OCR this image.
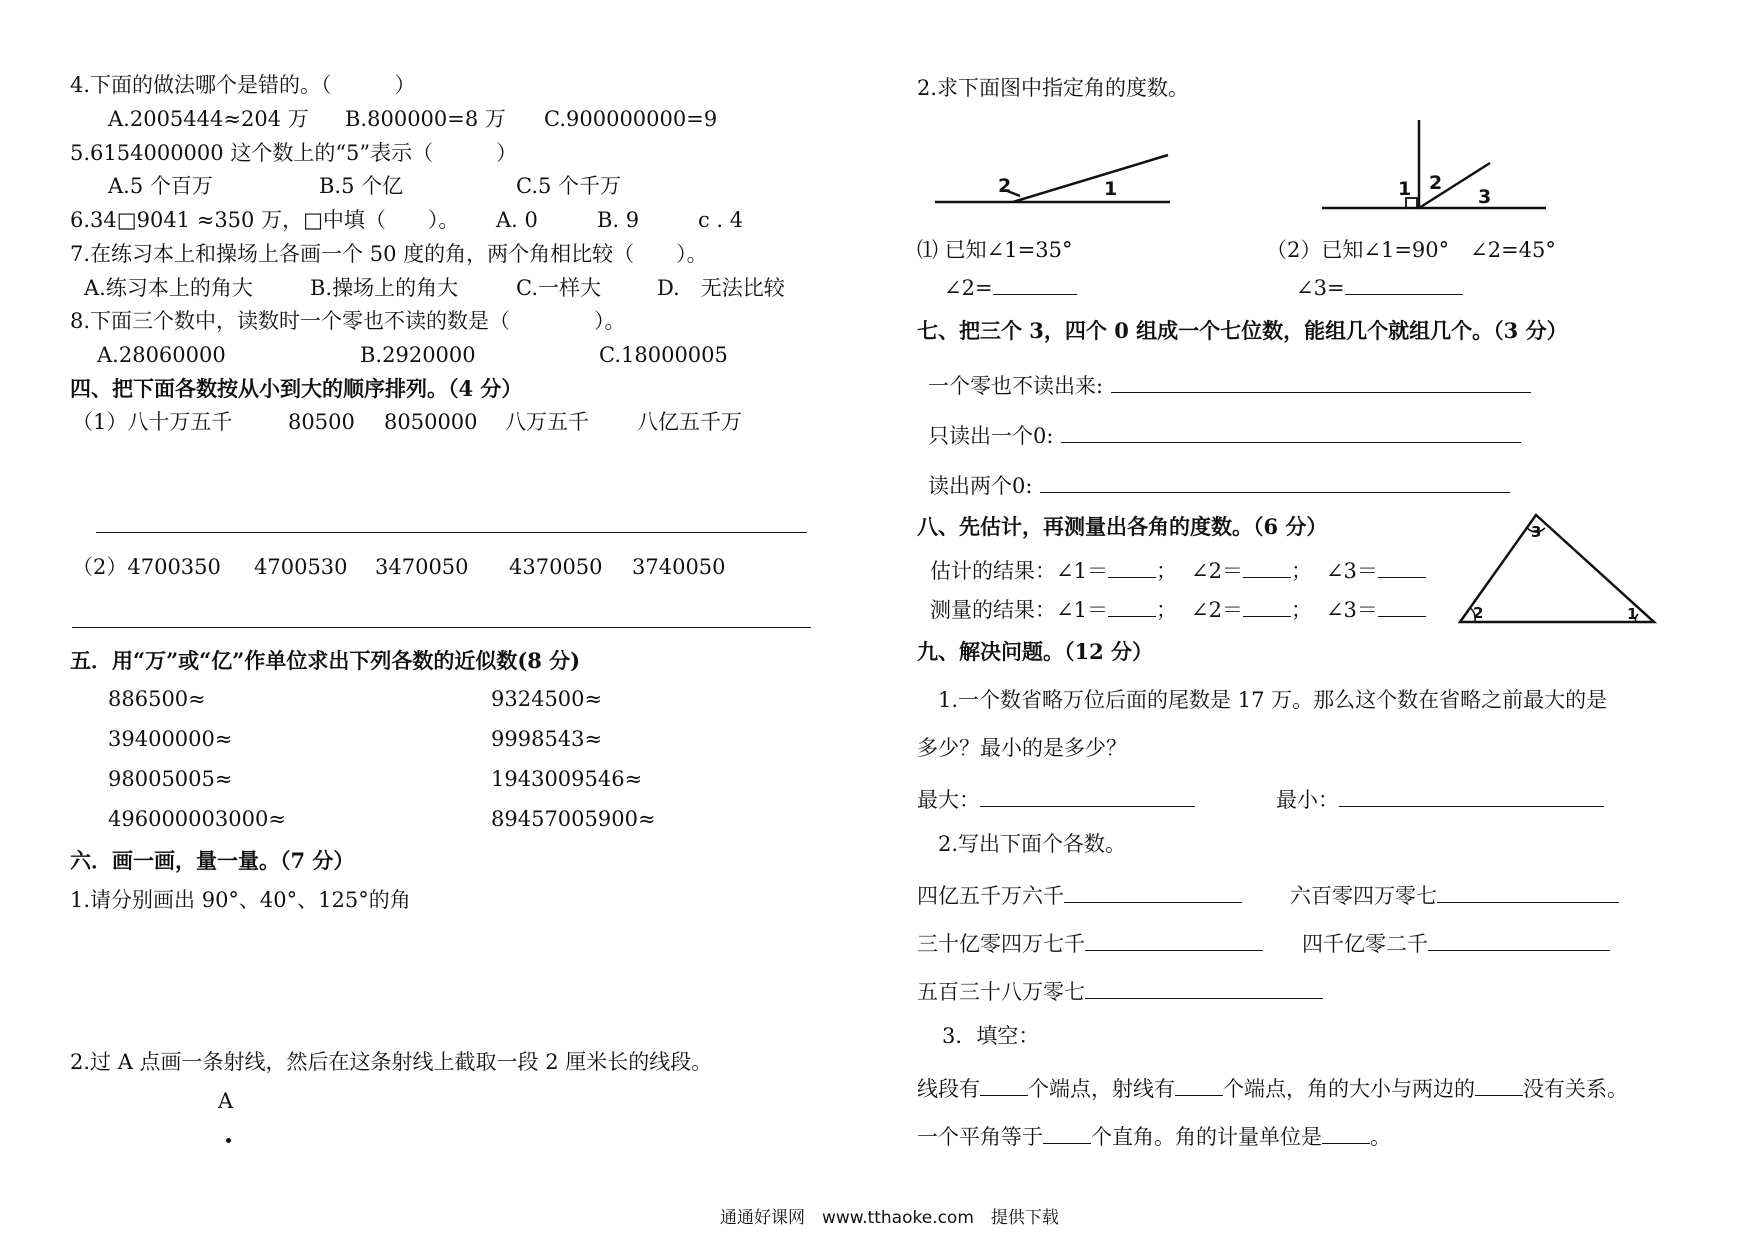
4.下面的做法哪个是错的。（　　　）
A.2005444≈204 万 B.800000=8 万 C.900000000=9
5.6154000000 这个数上的“5”表示（　　　）
A.5 个百万	B.5 个亿	C.5 个千万
6.34□9041 ≈350 万，□中填（　　）。 A. 0	B. 9	c . 4
7.在练习本上和操场上各画一个 50 度的角，两个角相比较（　　）。
A.练习本上的角大	B.操场上的角大	C.一样大	D.　无法比较
8.下面三个数中，读数时一个零也不读的数是（　　　　）。
A.28060000	B.2920000	C.18000005
四、把下面各数按从小到大的顺序排列。（4 分）
（1）八十万五千	80500 8050000 八万五千 八亿五千万
（2）4700350 4700530 3470050 4370050 3740050
五．用“万”或“亿”作单位求出下列各数的近似数(8 分)
886500≈	9324500≈
39400000≈	9998543≈
98005005≈	1943009546≈
496000003000≈	89457005900≈
六．画一画，量一量。（7 分）
1.请分别画出 90°、40°、125°的角
2.过 A 点画一条射线，然后在这条射线上截取一段 2 厘米长的线段。
A
2.求下面图中指定角的度数。
2	1	1 2
3
⑴ 已知∠1=35°
∠2=
（2）已知∠1=90°　∠2=45°
∠3=
七、把三个 3，四个 0 组成一个七位数，能组几个就组几个。（3 分）
一个零也不读出来:
只读出一个0:
读出两个0:
八、先估计，再测量出各角的度数。（6 分）
估计的结果：∠1＝ ； ∠2＝ ； ∠3＝
测量的结果：∠1＝ ； ∠2＝ ； ∠3＝
3
2	1
九、解决问题。（12 分）
1.一个数省略万位后面的尾数是 17 万。那么这个数在省略之前最大的是
多少？最小的是多少？
最大：	最小：
2.写出下面个各数。
四亿五千万六千	六百零四万零七
三十亿零四万七千	四千亿零二千
五百三十八万零七
3．填空：
线段有 个端点，射线有 个端点，角的大小与两边的 没有关系。
一个平角等于 个直角。角的计量单位是 。
通通好课网　www.tthaoke.com　提供下载
